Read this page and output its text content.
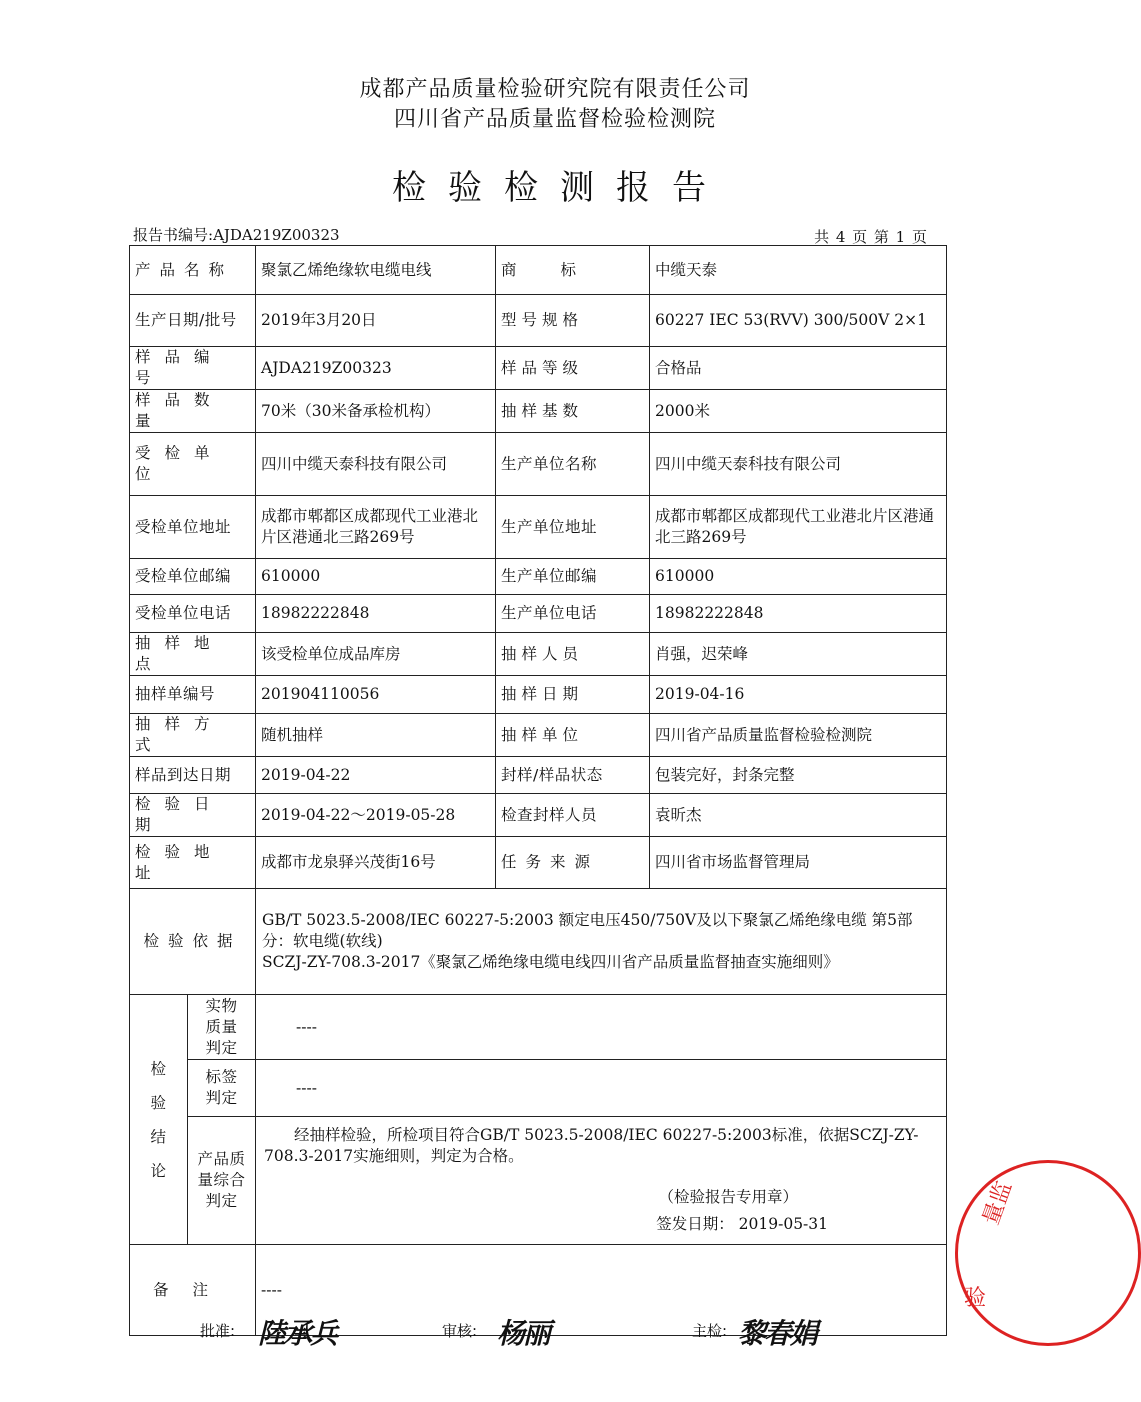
成都产品质量检验研究院有限责任公司
四川省产品质量监督检验检测院
检验检测报告
报告书编号:AJDA219Z00323	共 4 页 第 1 页
产品名称		聚氯乙烯绝缘软电缆电线	商标	中缆天泰
生产日期/批号		2019年3月20日	型号规格	60227 IEC 53(RVV) 300/500V 2×1
样品编号		AJDA219Z00323	样品等级	合格品
样品数量		70米（30米备承检机构）	抽样基数	2000米
受检单位		四川中缆天泰科技有限公司	生产单位名称	四川中缆天泰科技有限公司
受检单位地址		成都市郫都区成都现代工业港北片区港通北三路269号	生产单位地址	成都市郫都区成都现代工业港北片区港通北三路269号
受检单位邮编		610000	生产单位邮编	610000
受检单位电话		18982222848	生产单位电话	18982222848
抽样地点		该受检单位成品库房	抽样人员	肖强，迟荣峰
抽样单编号		201904110056	抽样日期	2019-04-16
抽样方式		随机抽样	抽样单位	四川省产品质量监督检验检测院
样品到达日期		2019-04-22	封样/样品状态	包装完好，封条完整
检验日期		2019-04-22～2019-05-28	检查封样人员	袁昕杰
检验地址		成都市龙泉驿兴茂街16号	任务来源	四川省市场监督管理局
检验依据		GB/T 5023.5-2008/IEC 60227-5:2003 额定电压450/750V及以下聚氯乙烯绝缘电缆 第5部分：软电缆(软线)
SCZJ-ZY-708.3-2017《聚氯乙烯绝缘电缆电线四川省产品质量监督抽查实施细则》		

检
验
结
论	实物质量判定	----		
	标签判定	----		
	产品质量综合判定	经抽样检验，所检项目符合GB/T 5023.5-2008/IEC 60227-5:2003标准，依据SCZJ-ZY-708.3-2017实施细则，判定为合格。
（检验报告专用章）
签发日期： 2019-05-31		

备注		----		
批准: 陸承兵	审核: 杨丽	主检: 黎春娟
量监
验
